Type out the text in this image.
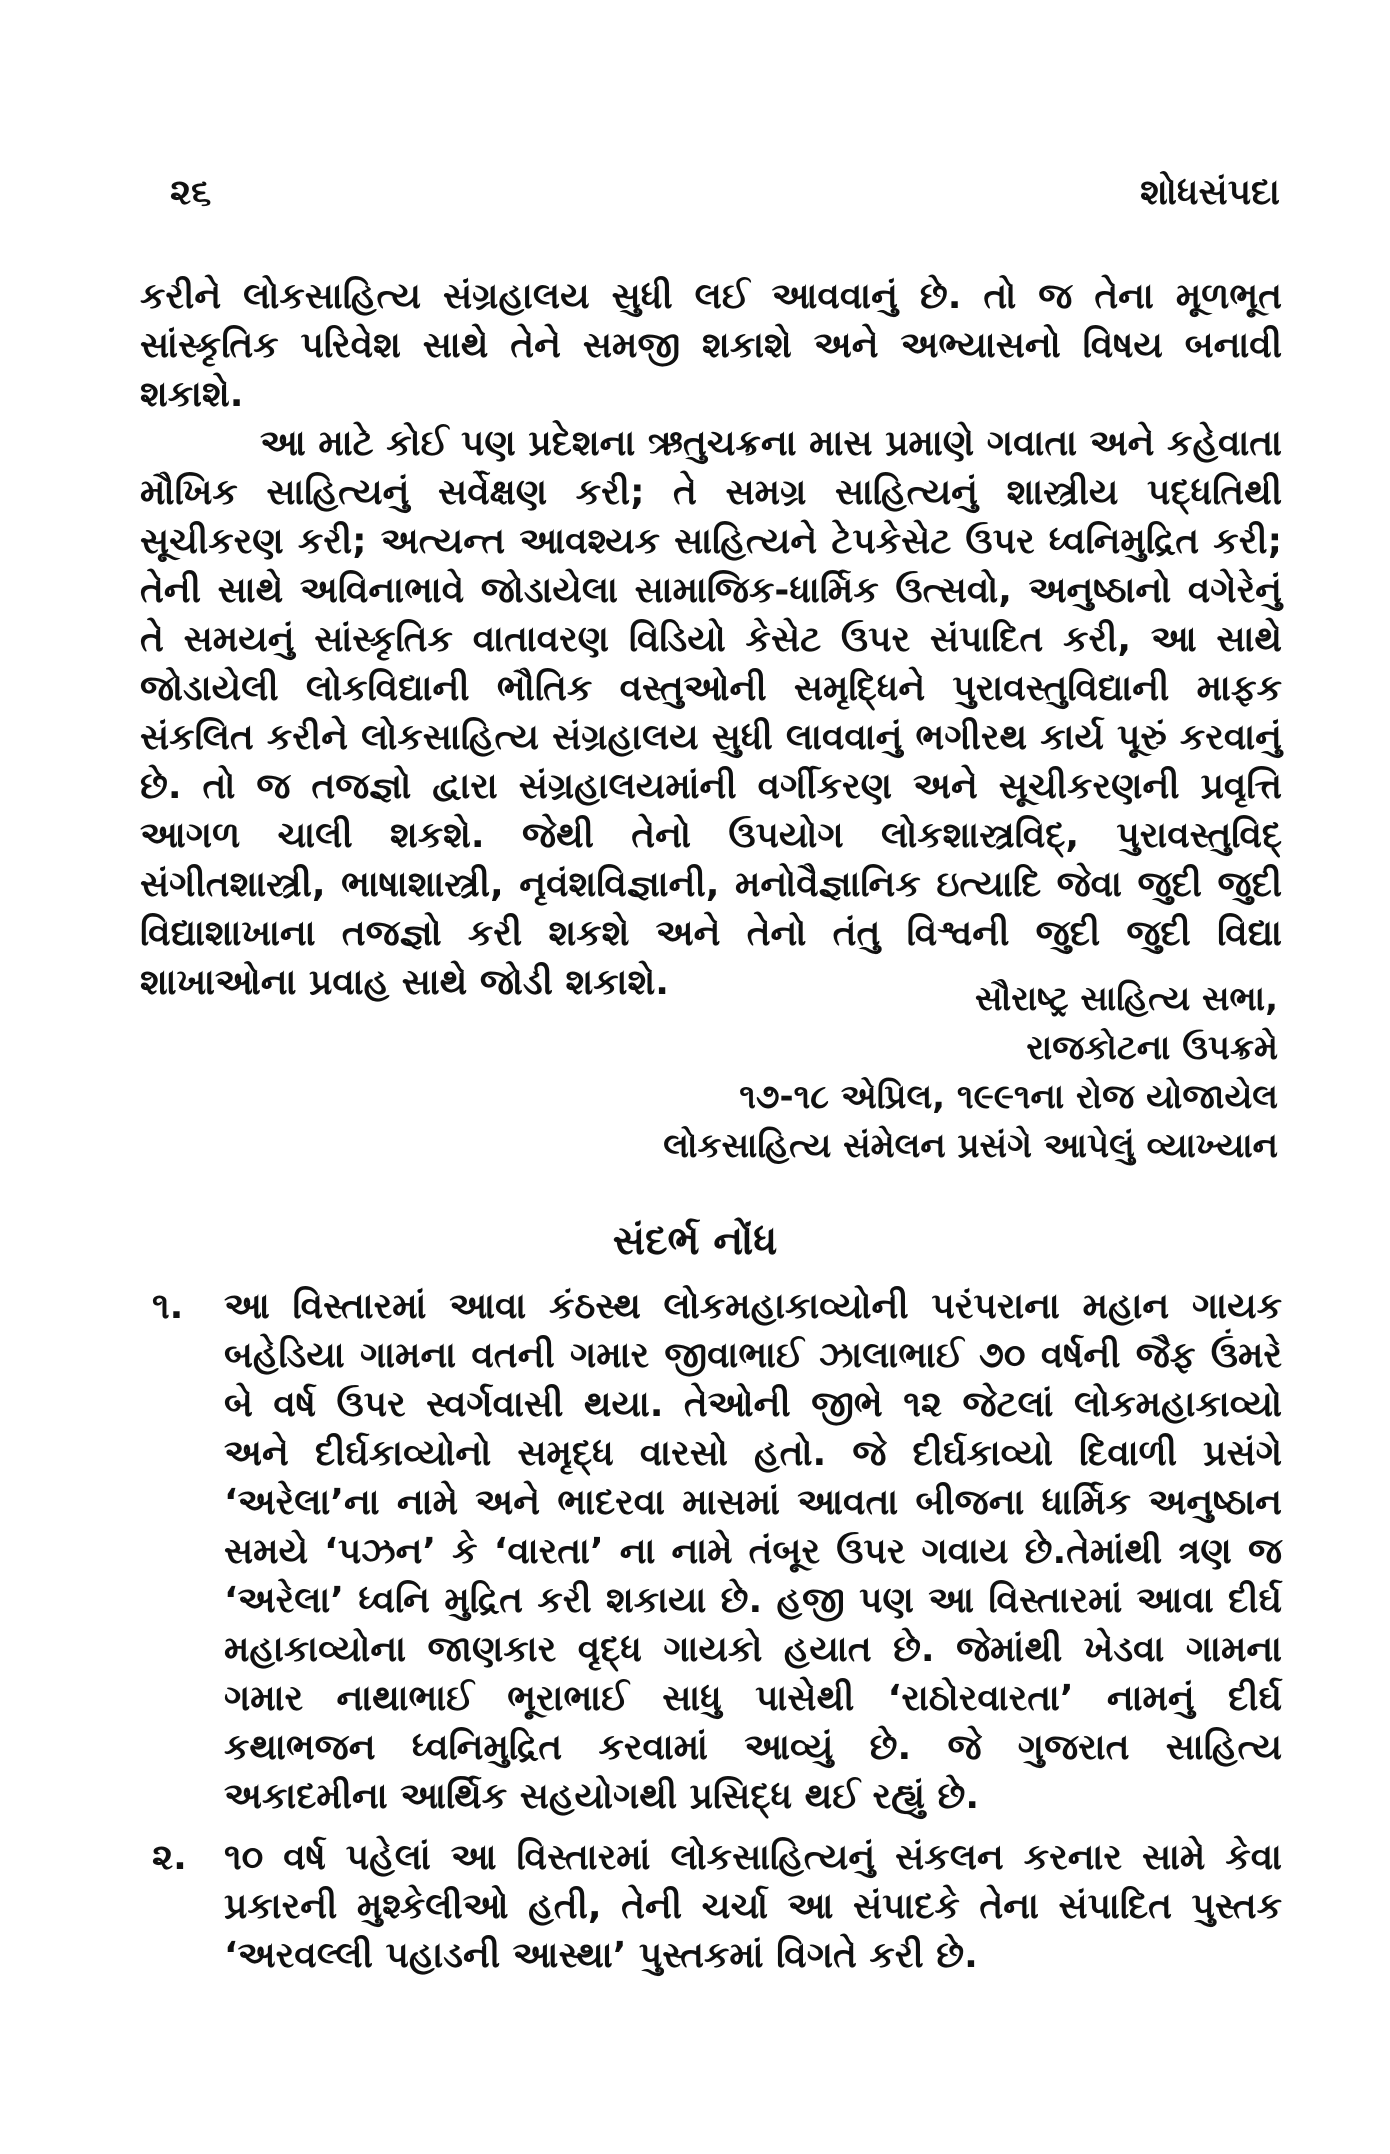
૨૬	શોધસંપદા

કરીને લોકસાહિત્ય સંગ્રહાલય સુધી લઈ આવવાનું છે. તો જ તેના મૂળભૂત સાંસ્કૃતિક પરિવેશ સાથે તેને સમજી શકાશે અને અભ્યાસનો વિષય બનાવી શકાશે.

આ માટે કોઈ પણ પ્રદેશના ઋતુચક્રના માસ પ્રમાણે ગવાતા અને કહેવાતા મૌખિક સાહિત્યનું સર્વેક્ષણ કરી; તે સમગ્ર સાહિત્યનું શાસ્ત્રીય પદ્ધતિથી સૂચીકરણ કરી; અત્યન્ત આવશ્યક સાહિત્યને ટેપકેસેટ ઉપર ધ્વનિમુદ્રિત કરી; તેની સાથે અવિનાભાવે જોડાયેલા સામાજિક-ધાર્મિક ઉત્સવો, અનુષ્ઠાનો વગેરેનું તે સમયનું સાંસ્કૃતિક વાતાવરણ વિડિયો કેસેટ ઉપર સંપાદિત કરી, આ સાથે જોડાયેલી લોકવિદ્યાની ભૌતિક વસ્તુઓની સમૃદ્ધિને પુરાવસ્તુવિદ્યાની માફક સંકલિત કરીને લોકસાહિત્ય સંગ્રહાલય સુધી લાવવાનું ભગીરથ કાર્ય પૂરું કરવાનું છે. તો જ તજજ્ઞો દ્વારા સંગ્રહાલયમાંની વર્ગીકરણ અને સૂચીકરણની પ્રવૃત્તિ આગળ ચાલી શકશે. જેથી તેનો ઉપયોગ લોકશાસ્ત્રવિદ્, પુરાવસ્તુવિદ્ સંગીતશાસ્ત્રી, ભાષાશાસ્ત્રી, નૃવંશવિજ્ઞાની, મનોવૈજ્ઞાનિક ઇત્યાદિ જેવા જુદી જુદી વિદ્યાશાખાના તજજ્ઞો કરી શકશે અને તેનો તંતુ વિશ્વની જુદી જુદી વિદ્યા શાખાઓના પ્રવાહ સાથે જોડી શકાશે.	સૌરાષ્ટ્ર સાહિત્ય સભા,
રાજકોટના ઉપક્રમે
૧૭-૧૮ એપ્રિલ, ૧૯૯૧ના રોજ યોજાયેલ
લોકસાહિત્ય સંમેલન પ્રસંગે આપેલું વ્યાખ્યાન
સંદર્ભ નોંધ
૧. આ વિસ્તારમાં આવા કંઠસ્થ લોકમહાકાવ્યોની પરંપરાના મહાન ગાયક બહેડિયા ગામના વતની ગમાર જીવાભાઈ ઝાલાભાઈ ૭૦ વર્ષની જૈફ ઉંમરે બે વર્ષ ઉપર સ્વર્ગવાસી થયા. તેઓની જીભે ૧૨ જેટલાં લોકમહાકાવ્યો અને દીર્ઘકાવ્યોનો સમૃદ્ધ વારસો હતો. જે દીર્ઘકાવ્યો દિવાળી પ્રસંગે ‘અરેલા’ના નામે અને ભાદરવા માસમાં આવતા બીજના ધાર્મિક અનુષ્ઠાન સમયે ‘પઝન’ કે ‘વારતા’ ના નામે તંબૂર ઉપર ગવાય છે.તેમાંથી ત્રણ જ ‘અરેલા’ ધ્વનિ મુદ્રિત કરી શકાયા છે. હજી પણ આ વિસ્તારમાં આવા દીર્ઘ મહાકાવ્યોના જાણકાર વૃદ્ધ ગાયકો હયાત છે. જેમાંથી ખેડવા ગામના ગમાર નાથાભાઈ ભૂરાભાઈ સાધુ પાસેથી ‘રાઠોરવારતા’ નામનું દીર્ઘ કથાભજન ધ્વનિમુદ્રિત કરવામાં આવ્યું છે. જે ગુજરાત સાહિત્ય અકાદમીના આર્થિક સહયોગથી પ્રસિદ્ધ થઈ રહ્યું છે.
૨. ૧૦ વર્ષ પહેલાં આ વિસ્તારમાં લોકસાહિત્યનું સંકલન કરનાર સામે કેવા પ્રકારની મુશ્કેલીઓ હતી, તેની ચર્ચા આ સંપાદકે તેના સંપાદિત પુસ્તક ‘અરવલ્લી પહાડની આસ્થા’ પુસ્તકમાં વિગતે કરી છે.
